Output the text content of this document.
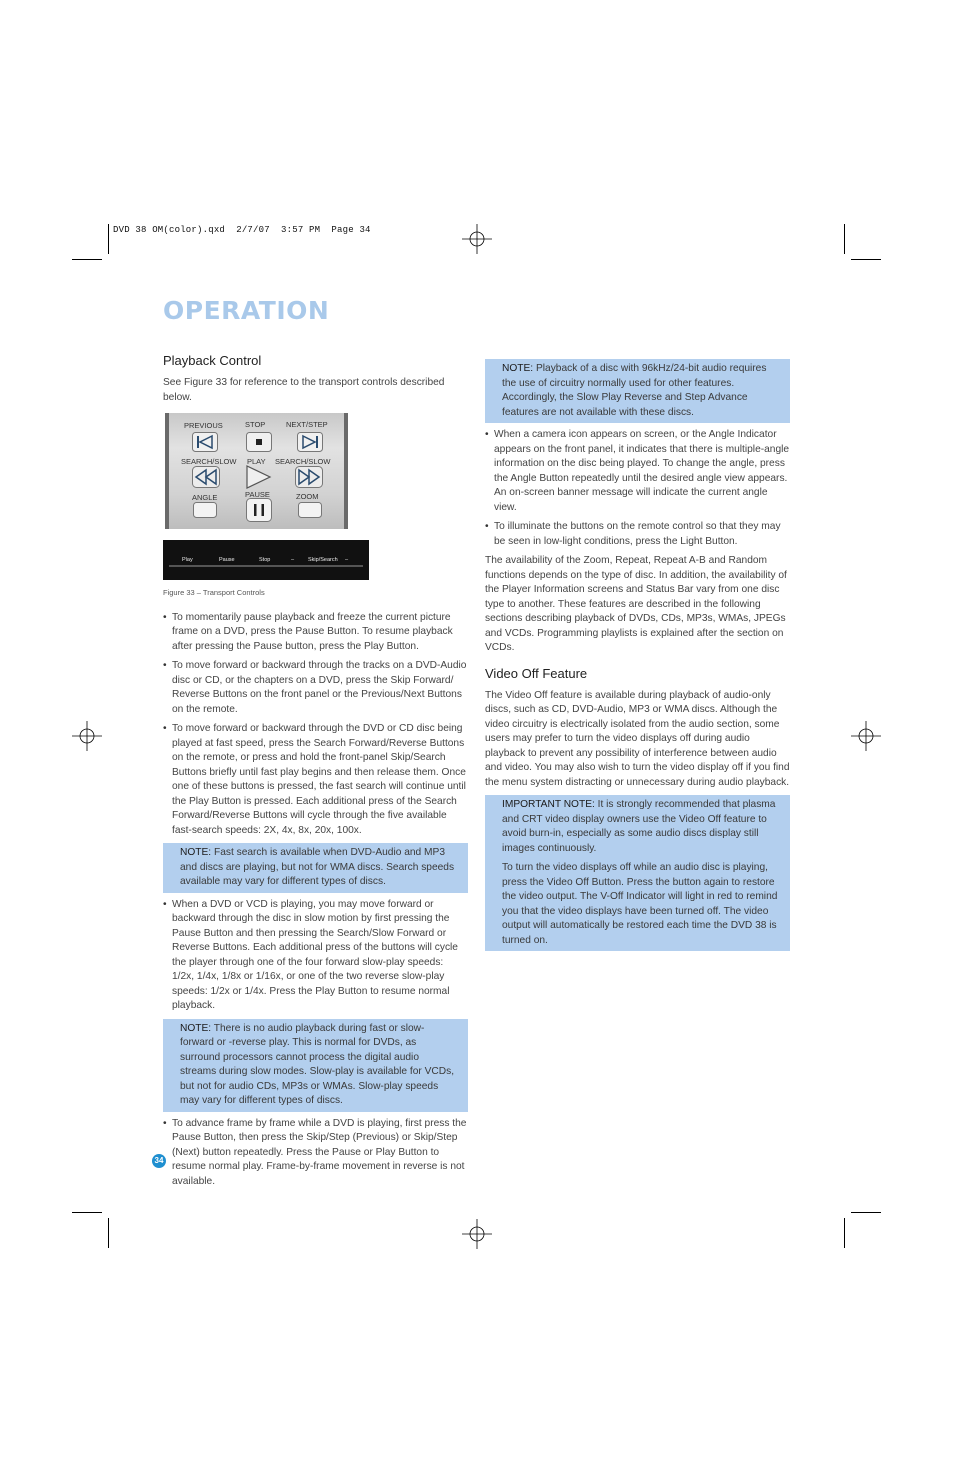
DVD 38 OM(color).qxd  2/7/07  3:57 PM  Page 34
OPERATION
Playback Control

See Figure 33 for reference to the transport controls described below.

PREVIOUS	STOP	NEXT/STEP
SEARCH/SLOW PLAY SEARCH/SLOW
ANGLE	PAUSE	ZOOM
Play	Pause	Stop	–	Skip/Search –
Figure 33 – Transport Controls
• To momentarily pause playback and freeze the current picture frame on a DVD, press the Pause Button. To resume playback after pressing the Pause button, press the Play Button.
• To move forward or backward through the tracks on a DVD-Audio disc or CD, or the chapters on a DVD, press the Skip Forward/ Reverse Buttons on the front panel or the Previous/Next Buttons on the remote.
• To move forward or backward through the DVD or CD disc being played at fast speed, press the Search Forward/Reverse Buttons on the remote, or press and hold the front-panel Skip/Search Buttons briefly until fast play begins and then release them. Once one of these buttons is pressed, the fast search will continue until the Play Button is pressed. Each additional press of the Search Forward/Reverse Buttons will cycle through the five available fast-search speeds: 2X, 4x, 8x, 20x, 100x.

NOTE: Fast search is available when DVD-Audio and MP3 and discs are playing, but not for WMA discs. Search speeds available may vary for different types of discs.

• When a DVD or VCD is playing, you may move forward or backward through the disc in slow motion by first pressing the Pause Button and then pressing the Search/Slow Forward or Reverse Buttons. Each additional press of the buttons will cycle the player through one of the four forward slow-play speeds: 1/2x, 1/4x, 1/8x or 1/16x, or one of the two reverse slow-play speeds: 1/2x or 1/4x. Press the Play Button to resume normal playback.

NOTE: There is no audio playback during fast or slow-forward or -reverse play. This is normal for DVDs, as surround processors cannot process the digital audio streams during slow modes. Slow-play is available for VCDs, but not for audio CDs, MP3s or WMAs. Slow-play speeds may vary for different types of discs.

• To advance frame by frame while a DVD is playing, first press the Pause Button, then press the Skip/Step (Previous) or Skip/Step (Next) button repeatedly. Press the Pause or Play Button to resume normal play. Frame-by-frame movement in reverse is not available.

NOTE: Playback of a disc with 96kHz/24-bit audio requires the use of circuitry normally used for other features. Accordingly, the Slow Play Reverse and Step Advance features are not available with these discs.

• When a camera icon appears on screen, or the Angle Indicator appears on the front panel, it indicates that there is multiple-angle information on the disc being played. To change the angle, press the Angle Button repeatedly until the desired angle view appears. An on-screen banner message will indicate the current angle view.
• To illuminate the buttons on the remote control so that they may be seen in low-light conditions, press the Light Button.

The availability of the Zoom, Repeat, Repeat A-B and Random functions depends on the type of disc. In addition, the availability of the Player Information screens and Status Bar vary from one disc type to another. These features are described in the following sections describing playback of DVDs, CDs, MP3s, WMAs, JPEGs and VCDs. Programming playlists is explained after the section on VCDs.

Video Off Feature

The Video Off feature is available during playback of audio-only discs, such as CD, DVD-Audio, MP3 or WMA discs. Although the video circuitry is electrically isolated from the audio section, some users may prefer to turn the video displays off during audio playback to prevent any possibility of interference between audio and video. You may also wish to turn the video display off if you find the menu system distracting or unnecessary during audio playback.

IMPORTANT NOTE: It is strongly recommended that plasma and CRT video display owners use the Video Off feature to avoid burn-in, especially as some audio discs display still images continuously.

To turn the video displays off while an audio disc is playing, press the Video Off Button. Press the button again to restore the video output. The V-Off Indicator will light in red to remind you that the video displays have been turned off. The video output will automatically be restored each time the DVD 38 is turned on.

34
